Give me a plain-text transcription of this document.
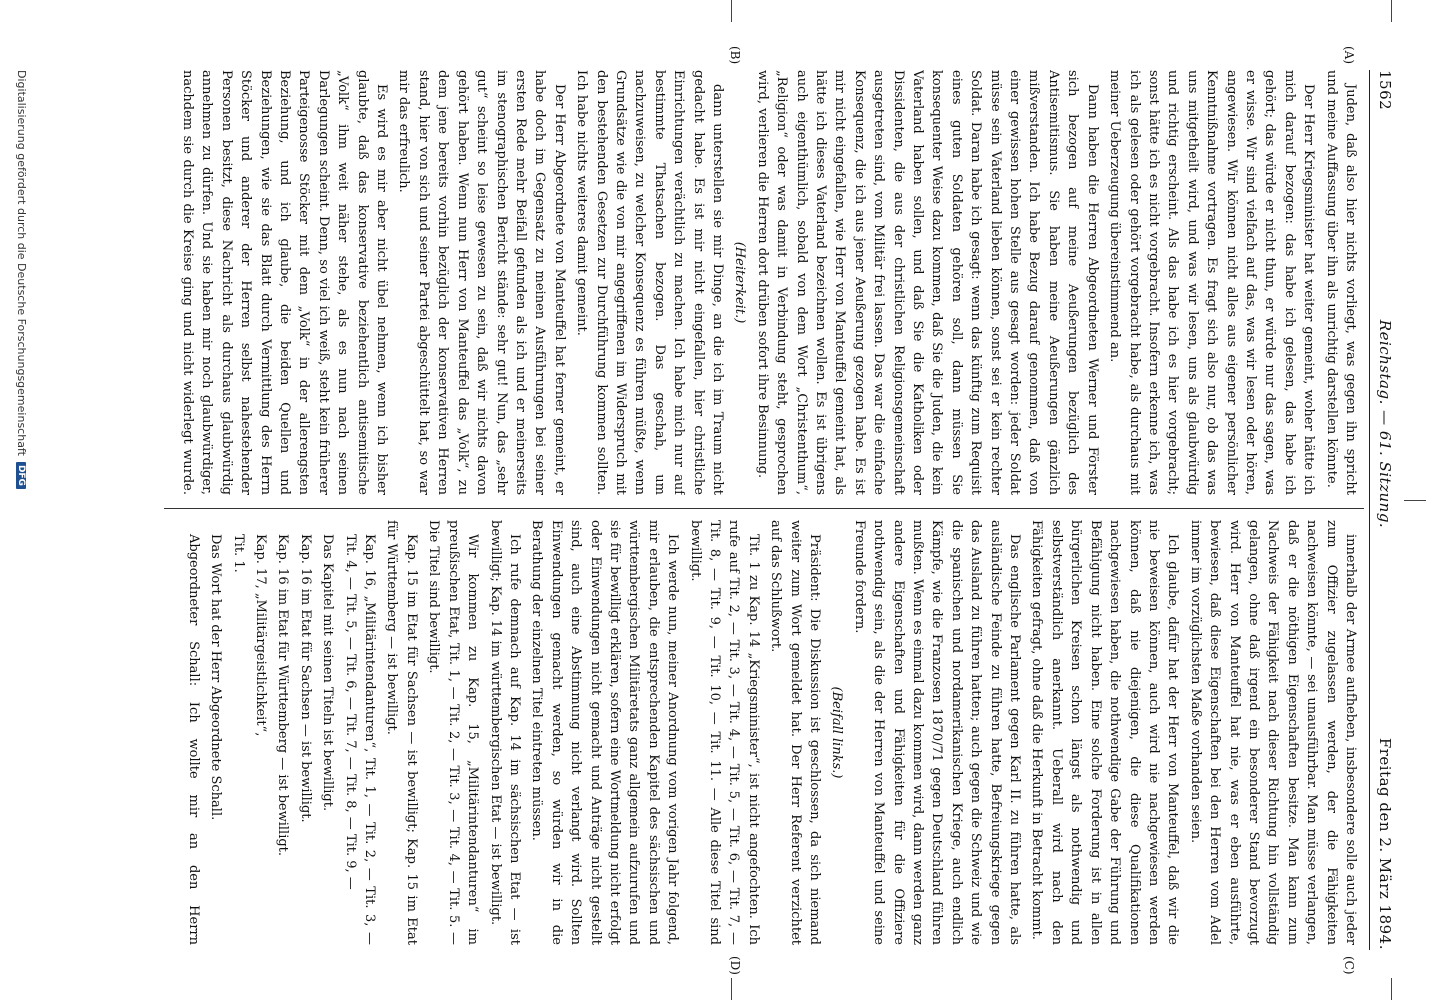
1562
Reichstag. — 61. Sitzung.
Freitag den 2. März 1894.
(A)
(B)
(C)
(D)

Juden, daß also hier nichts vorliegt, was gegen ihn spricht und meine Auffassung über ihn als unrichtig darstellen könnte.

Der Herr Kriegsminister hat weiter gemeint, woher hätte ich mich darauf bezogen: das habe ich gelesen, das habe ich gehört; das würde er nicht thun, er würde nur das sagen, was er wisse. Wir sind vielfach auf das, was wir lesen oder hören, angewiesen. Wir können nicht alles aus eigener persönlicher Kenntnißnahme vortragen. Es fragt sich also nur, ob das was uns mitgetheilt wird, und was wir lesen, uns als glaubwürdig und richtig erscheint. Als das habe ich es hier vorgebracht; sonst hätte ich es nicht vorgebracht. Insofern erkenne ich, was ich als gelesen oder gehört vorgebracht habe, als durchaus mit meiner Ueberzeugung übereinstimmend an.

Dann haben die Herren Abgeordneten Werner und Förster sich bezogen auf meine Aeußerungen bezüglich des Antisemitismus. Sie haben meine Aeußerungen gänzlich mißverstanden. Ich habe Bezug darauf genommen, daß von einer gewissen hohen Stelle aus gesagt worden: jeder Soldat müsse sein Vaterland lieben können, sonst sei er kein rechter Soldat. Daran habe ich gesagt: wenn das künftig zum Requisit eines guten Soldaten gehören soll, dann müssen Sie konsequenter Weise dazu kommen, daß Sie die Juden, die kein Vaterland haben sollen, und daß Sie die Katholiken oder Dissidenten, die aus der christlichen Religionsgemeinschaft ausgetreten sind, vom Militär frei lassen. Das war die einfache Konsequenz, die ich aus jener Aeußerung gezogen habe. Es ist mir nicht eingefallen, wie Herr von Manteuffel gemeint hat, als hätte ich dieses Vaterland bezeichnen wollen. Es ist übrigens auch eigenthümlich, sobald von dem Wort „Christenthum“, „Religion“ oder was damit in Verbindung steht, gesprochen wird, verlieren die Herren dort drüben sofort ihre Besinnung.

(Heiterkeit.)

dann unterstellen sie mir Dinge, an die ich im Traum nicht gedacht habe. Es ist mir nicht eingefallen, hier christliche Einrichtungen verächtlich zu machen. Ich habe mich nur auf bestimmte Thatsachen bezogen. Das geschah, um nachzuweisen, zu welcher Konsequenz es führen müßte, wenn Grundsätze wie die von mir angegriffenen im Widerspruch mit den bestehenden Gesetzen zur Durchführung kommen sollten. Ich habe nichts weiteres damit gemeint.

Der Herr Abgeordnete von Manteuffel hat ferner gemeint, er habe doch im Gegensatz zu meinen Ausführungen bei seiner ersten Rede mehr Beifall gefunden als ich und er meinerseits im stenographischen Bericht stände: sehr gut! Nun, das „sehr gut“ scheint so leise gewesen zu sein, daß wir nichts davon gehört haben. Wenn nun Herr von Manteuffel das „Volk“, zu dem jene bereits vorhin bezüglich der konservativen Herren stand, hier von sich und seiner Partei abgeschüttelt hat, so war mir das erfreulich.

Es wird es mir aber nicht übel nehmen, wenn ich bisher glaubte, daß das konservative beziehentlich antisemitische „Volk“ ihm weit näher stehe, als es nun nach seinen Darlegungen scheint. Denn, so viel ich weiß, steht kein früherer Parteigenosse Stöcker mit dem „Volk“ in der allerengsten Beziehung, und ich glaube, die beiden Quellen und Beziehungen, wie sie das Blatt durch Vermittlung des Herrn Stöcker und anderer der Herren selbst nahestehender Personen besitzt, diese Nachricht als durchaus glaubwürdig annehmen zu dürfen. Und sie haben mir noch glaubwürdiger, nachdem sie durch die Kreise ging und nicht widerlegt wurde.

innerhalb der Armee aufheben, insbesondere solle auch jeder zum Offizier zugelassen werden, der die Fähigkeiten nachweisen könnte, — sei unausführbar. Man müsse verlangen, daß er die nöthigen Eigenschaften besitze. Man kann zum Nachweis der Fähigkeit nach dieser Richtung hin vollständig gelangen, ohne daß irgend ein besonderer Stand bevorzugt wird. Herr von Manteuffel hat nie, was er eben ausführte, bewiesen, daß diese Eigenschaften bei den Herren vom Adel immer im vorzüglichsten Maße vorhanden seien.

Ich glaube, dafür hat der Herr von Manteuffel, daß wir die nie beweisen können, auch wird nie nachgewiesen werden können, daß nie diejenigen, die diese Qualifikationen nachgewiesen haben, die nothwendige Gabe der Führung und Befähigung nicht haben. Eine solche Forderung ist in allen bürgerlichen Kreisen schon längst als nothwendig und selbstverständlich anerkannt. Ueberall wird nach den Fähigkeiten gefragt, ohne daß die Herkunft in Betracht kommt.

Das englische Parlament gegen Karl II. zu führen hatte, als ausländische Feinde zu führen hatte, Befreiungskriege gegen das Ausland zu führen hatten; auch gegen die Schweiz und wie die spanischen und nordamerikanischen Kriege, auch endlich Kämpfe, wie die Franzosen 1870/71 gegen Deutschland führen mußten. Wenn es einmal dazu kommen wird, dann werden ganz andere Eigenschaften und Fähigkeiten für die Offiziere nothwendig sein, als die der Herren von Manteuffel und seine Freunde fordern.

(Beifall links.)

Präsident: Die Diskussion ist geschlossen, da sich niemand weiter zum Wort gemeldet hat. Der Herr Referent verzichtet auf das Schlußwort.

Tit. 1 zu Kap. 14 „Kriegsminister“, ist nicht angefochten. Ich rufe auf Tit. 2, — Tit. 3, — Tit. 4, — Tit. 5, — Tit. 6, — Tit. 7, — Tit. 8, — Tit. 9, — Tit. 10, — Tit. 11. — Alle diese Titel sind bewilligt.

Ich werde nun, meiner Anordnung vom vorigen Jahr folgend, mir erlauben, die entsprechenden Kapitel des sächsischen und württembergischen Militäretats ganz allgemein aufzurufen und sie für bewilligt erklären, sofern eine Wortmeldung nicht erfolgt oder Einwendungen nicht gemacht und Anträge nicht gestellt sind, auch eine Abstimmung nicht verlangt wird. Sollten Einwendungen gemacht werden, so würden wir in die Berathung der einzelnen Titel eintreten müssen.

Ich rufe demnach auf Kap. 14 im sächsischen Etat — ist bewilligt; Kap. 14 im württembergischen Etat — ist bewilligt.

Wir kommen zu Kap. 15, „Militärintendanturen“ im preußischen Etat, Tit. 1, — Tit. 2, — Tit. 3, — Tit. 4, — Tit. 5. — Die Titel sind bewilligt.

Kap. 15 im Etat für Sachsen — ist bewilligt; Kap. 15 im Etat für Württemberg — ist bewilligt.

Kap. 16, „Militärintendanturen“, Tit. 1, — Tit. 2, — Tit. 3, — Tit. 4, — Tit. 5, — Tit. 6, — Tit. 7, — Tit. 8, — Tit. 9, —

Das Kapitel mit seinen Titeln ist bewilligt.

Kap. 16 im Etat für Sachsen — ist bewilligt.

Kap. 16 im Etat für Württemberg — ist bewilligt.

Kap. 17, „Militärgeistlichkeit“,

Tit. 1.

Das Wort hat der Herr Abgeordnete Schall.

Abgeordneter Schall: Ich wollte mir an den Herrn

Digitalisierung gefördert durch die Deutsche Forschungsgemeinschaft
DFG
